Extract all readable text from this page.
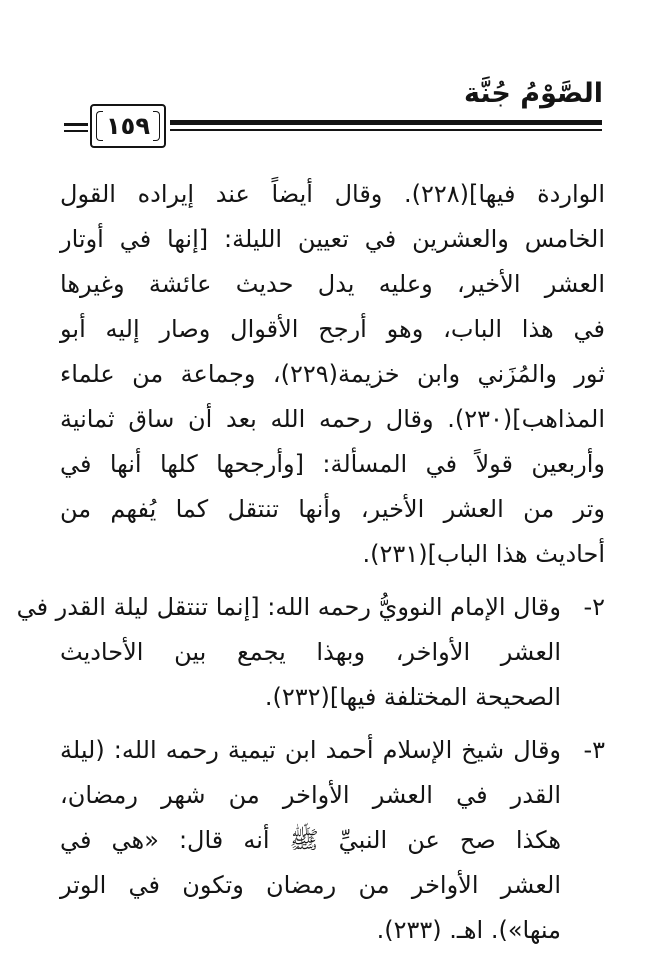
الصَّوْمُ جُنَّة
١٥٩
الواردة فيها](٢٢٨). وقال أيضاً عند إيراده القول
الخامس والعشرين في تعيين الليلة: [إنها في أوتار
العشر الأخير، وعليه يدل حديث عائشة وغيرها
في هذا الباب، وهو أرجح الأقوال وصار إليه أبو
ثور والمُزَني وابن خزيمة(٢٢٩)، وجماعة من علماء
المذاهب](٢٣٠). وقال رحمه الله بعد أن ساق ثمانية
وأربعين قولاً في المسألة: [وأرجحها كلها أنها في
وتر من العشر الأخير، وأنها تنتقل كما يُفهم من
أحاديث هذا الباب](٢٣١).
٢-
وقال الإمام النوويُّ رحمه الله: [إنما تنتقل ليلة القدر في
العشر الأواخر، وبهذا يجمع بين الأحاديث
الصحيحة المختلفة فيها](٢٣٢).
٣-
وقال شيخ الإسلام أحمد ابن تيمية رحمه الله: (ليلة
القدر في العشر الأواخر من شهر رمضان،
هكذا صح عن النبيِّ ﷺ أنه قال: «هي في
العشر الأواخر من رمضان وتكون في الوتر
منها»). اهـ. (٢٣٣).
